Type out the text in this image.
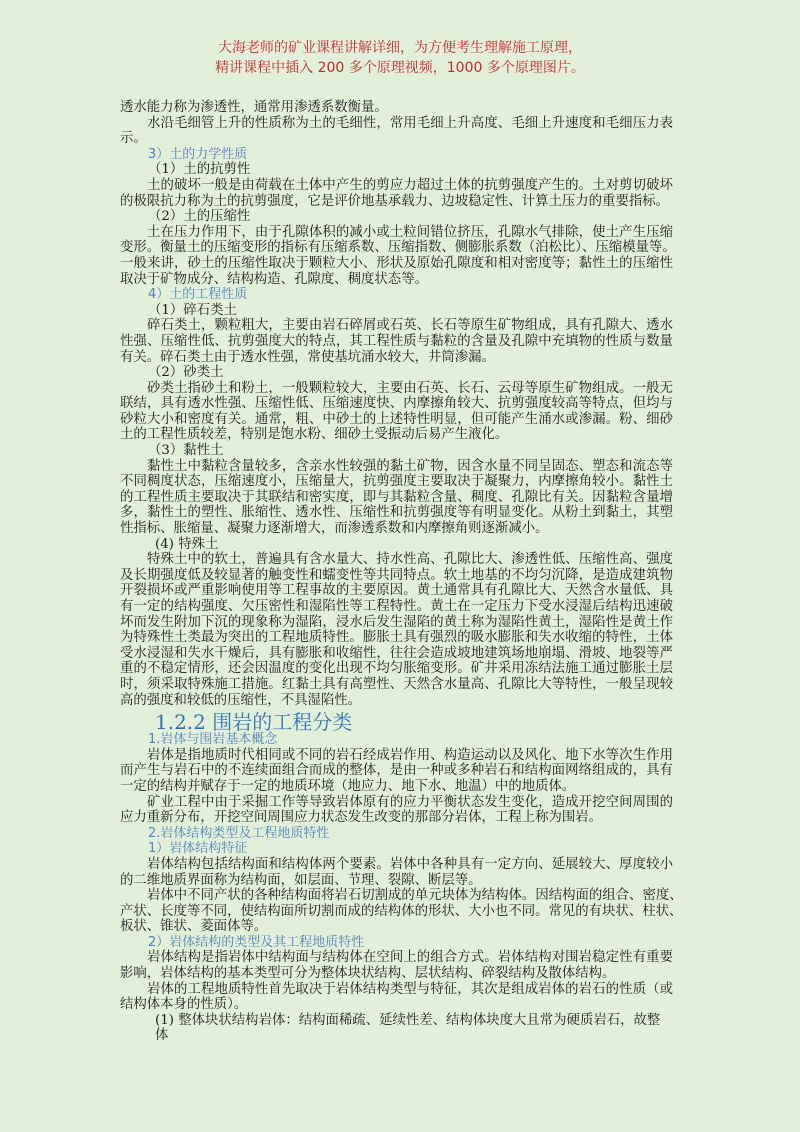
大海老师的矿业课程讲解详细，为方便考生理解施工原理，
精讲课程中插入 200 多个原理视频，1000 多个原理图片。
透水能力称为渗透性，通常用渗透系数衡量。
水沿毛细管上升的性质称为土的毛细性，常用毛细上升高度、毛细上升速度和毛细压力表
示。
3）土的力学性质
（1）土的抗剪性
土的破坏一般是由荷载在土体中产生的剪应力超过土体的抗剪强度产生的。土对剪切破坏
的极限抗力称为土的抗剪强度，它是评价地基承载力、边坡稳定性、计算土压力的重要指标。
（2）土的压缩性
土在压力作用下，由于孔隙体积的减小或土粒间错位挤压，孔隙水气排除，使土产生压缩
变形。衡量土的压缩变形的指标有压缩系数、压缩指数、侧膨胀系数（泊松比）、压缩模量等。
一般来讲，砂土的压缩性取决于颗粒大小、形状及原始孔隙度和相对密度等；黏性土的压缩性
取决于矿物成分、结构构造、孔隙度、稠度状态等。
4）土的工程性质
（1）碎石类土
碎石类土，颗粒粗大，主要由岩石碎屑或石英、长石等原生矿物组成，具有孔隙大、透水
性强、压缩性低、抗剪强度大的特点，其工程性质与黏粒的含量及孔隙中充填物的性质与数量
有关。碎石类土由于透水性强，常使基坑涌水较大，井筒渗漏。
（2）砂类土
砂类土指砂土和粉土，一般颗粒较大，主要由石英、长石、云母等原生矿物组成。一般无
联结，具有透水性强、压缩性低、压缩速度快、内摩擦角较大、抗剪强度较高等特点，但均与
砂粒大小和密度有关。通常，粗、中砂土的上述特性明显，但可能产生涌水或渗漏。粉、细砂
土的工程性质较差，特别是饱水粉、细砂土受振动后易产生液化。
（3）黏性土
黏性土中黏粒含量较多，含亲水性较强的黏土矿物，因含水量不同呈固态、塑态和流态等
不同稠度状态，压缩速度小，压缩量大，抗剪强度主要取决于凝聚力，内摩擦角较小。黏性土
的工程性质主要取决于其联结和密实度，即与其黏粒含量、稠度、孔隙比有关。因黏粒含量增
多，黏性土的塑性、胀缩性、透水性、压缩性和抗剪强度等有明显变化。从粉土到黏土，其塑
性指标、胀缩量、凝聚力逐渐增大，而渗透系数和内摩擦角则逐渐减小。
(4) 特殊土
特殊土中的软土，普遍具有含水量大、持水性高、孔隙比大、渗透性低、压缩性高、强度
及长期强度低及较显著的触变性和蠕变性等共同特点。软土地基的不均匀沉降，是造成建筑物
开裂损坏或严重影响使用等工程事故的主要原因。黄土通常具有孔隙比大、天然含水量低、具
有一定的结构强度、欠压密性和湿陷性等工程特性。黄土在一定压力下受水浸湿后结构迅速破
坏而发生附加下沉的现象称为湿陷，浸水后发生湿陷的黄土称为湿陷性黄土，湿陷性是黄土作
为特殊性土类最为突出的工程地质特性。膨胀土具有强烈的吸水膨胀和失水收缩的特性，土体
受水浸湿和失水干燥后，具有膨胀和收缩性，往往会造成坡地建筑场地崩塌、滑坡、地裂等严
重的不稳定情形，还会因温度的变化出现不均匀胀缩变形。矿井采用冻结法施工通过膨胀土层
时，须采取特殊施工措施。红黏土具有高塑性、天然含水量高、孔隙比大等特性，一般呈现较
高的强度和较低的压缩性，不具湿陷性。
1.2.2 围岩的工程分类
1.岩体与围岩基本概念
岩体是指地质时代相同或不同的岩石经成岩作用、构造运动以及风化、地下水等次生作用
而产生与岩石中的不连续面组合而成的整体，是由一种或多种岩石和结构面网络组成的，具有
一定的结构并赋存于一定的地质环境（地应力、地下水、地温）中的地质体。
矿业工程中由于采掘工作等导致岩体原有的应力平衡状态发生变化，造成开挖空间周围的
应力重新分布，开挖空间周围应力状态发生改变的那部分岩体，工程上称为围岩。
2.岩体结构类型及工程地质特性
1）岩体结构特征
岩体结构包括结构面和结构体两个要素。岩体中各种具有一定方向、延展较大、厚度较小
的二维地质界面称为结构面，如层面、节理、裂隙、断层等。
岩体中不同产状的各种结构面将岩石切割成的单元块体为结构体。因结构面的组合、密度、
产状、长度等不同，使结构面所切割而成的结构体的形状、大小也不同。常见的有块状、柱状、
板状、锥状、菱面体等。
2）岩体结构的类型及其工程地质特性
岩体结构是指岩体中结构面与结构体在空间上的组合方式。岩体结构对围岩稳定性有重要
影响，岩体结构的基本类型可分为整体块状结构、层状结构、碎裂结构及散体结构。
岩体的工程地质特性首先取决于岩体结构类型与特征，其次是组成岩体的岩石的性质（或
结构体本身的性质）。
(1) 整体块状结构岩体：结构面稀疏、延续性差、结构体块度大且常为硬质岩石，故整体
